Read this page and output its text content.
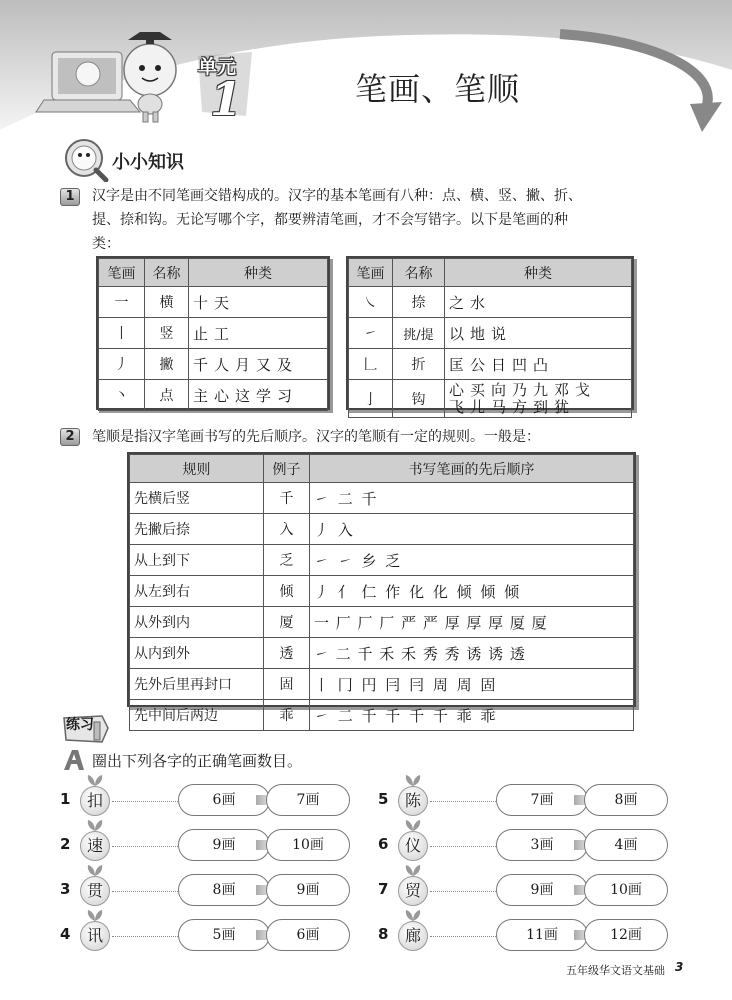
单元
1	笔画、笔顺
小小知识
1	汉字是由不同笔画交错构成的。汉字的基本笔画有八种：点、横、竖、撇、折、
提、捺和钩。无论写哪个字，都要辨清笔画，才不会写错字。以下是笔画的种
类：
笔画	名称	种类
一	横	十天
丨	竖	止工
丿	撇	千人月又及
丶	点	主心这学习
笔画	名称	种类
㇏	捺	之水
㇀	挑/提	以地说
𠃊	折	匡公日凹凸
亅	钩	心买向乃九邓戈
飞儿马方到犹
2	笔顺是指汉字笔画书写的先后顺序。汉字的笔顺有一定的规则。一般是：
规则	例子	书写笔画的先后顺序
先横后竖	千	㇀ 二 千
先撇后捺	入	丿 入
从上到下	乏	㇀ ㇀ 乡 乏
从左到右	倾	丿 亻 仁 作 化 化 倾 倾 倾
从外到内	厦	一 厂 厂 厂 严 严 厚 厚 厚 厦 厦
从内到外	透	㇀ 二 千 禾 禾 秀 秀 诱 诱 透
先外后里再封口	固	丨 冂 円 冃 冃 周 周 固
先中间后两边	乖	㇀ 二 千 千 千 千 乖 乖
练习
圈出下列各字的正确笔画数目。
1	扣	6画	7画
2	速	9画	10画
3	贯	8画	9画
4	讯	5画	6画
5	陈	7画	8画
6	仪	3画	4画
7	贸	9画	10画
8	廊	11画	12画
五年级华文语文基础 3
